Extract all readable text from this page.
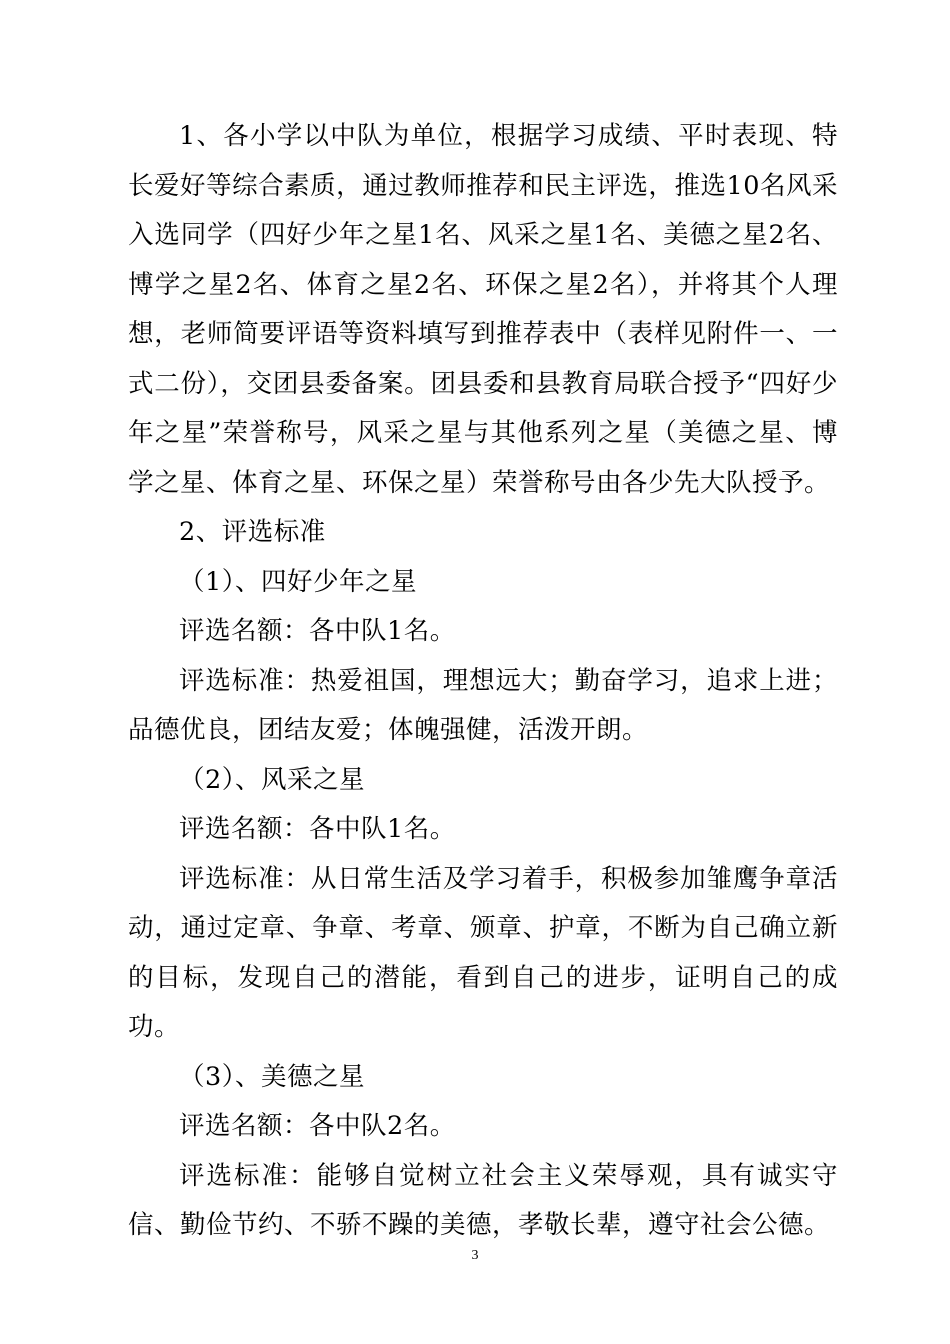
1、各小学以中队为单位，根据学习成绩、平时表现、特长爱好等综合素质，通过教师推荐和民主评选，推选10名风采入选同学（四好少年之星1名、风采之星1名、美德之星2名、博学之星2名、体育之星2名、环保之星2名），并将其个人理想，老师简要评语等资料填写到推荐表中（表样见附件一、一式二份），交团县委备案。团县委和县教育局联合授予“四好少年之星”荣誉称号，风采之星与其他系列之星（美德之星、博学之星、体育之星、环保之星）荣誉称号由各少先大队授予。

2、评选标准

（1）、四好少年之星

评选名额：各中队1名。

评选标准：热爱祖国，理想远大；勤奋学习，追求上进；品德优良，团结友爱；体魄强健，活泼开朗。

（2）、风采之星

评选名额：各中队1名。

评选标准：从日常生活及学习着手，积极参加雏鹰争章活动，通过定章、争章、考章、颁章、护章，不断为自己确立新的目标，发现自己的潜能，看到自己的进步，证明自己的成功。

（3）、美德之星

评选名额：各中队2名。

评选标准：能够自觉树立社会主义荣辱观，具有诚实守信、勤俭节约、不骄不躁的美德，孝敬长辈，遵守社会公德。

3
